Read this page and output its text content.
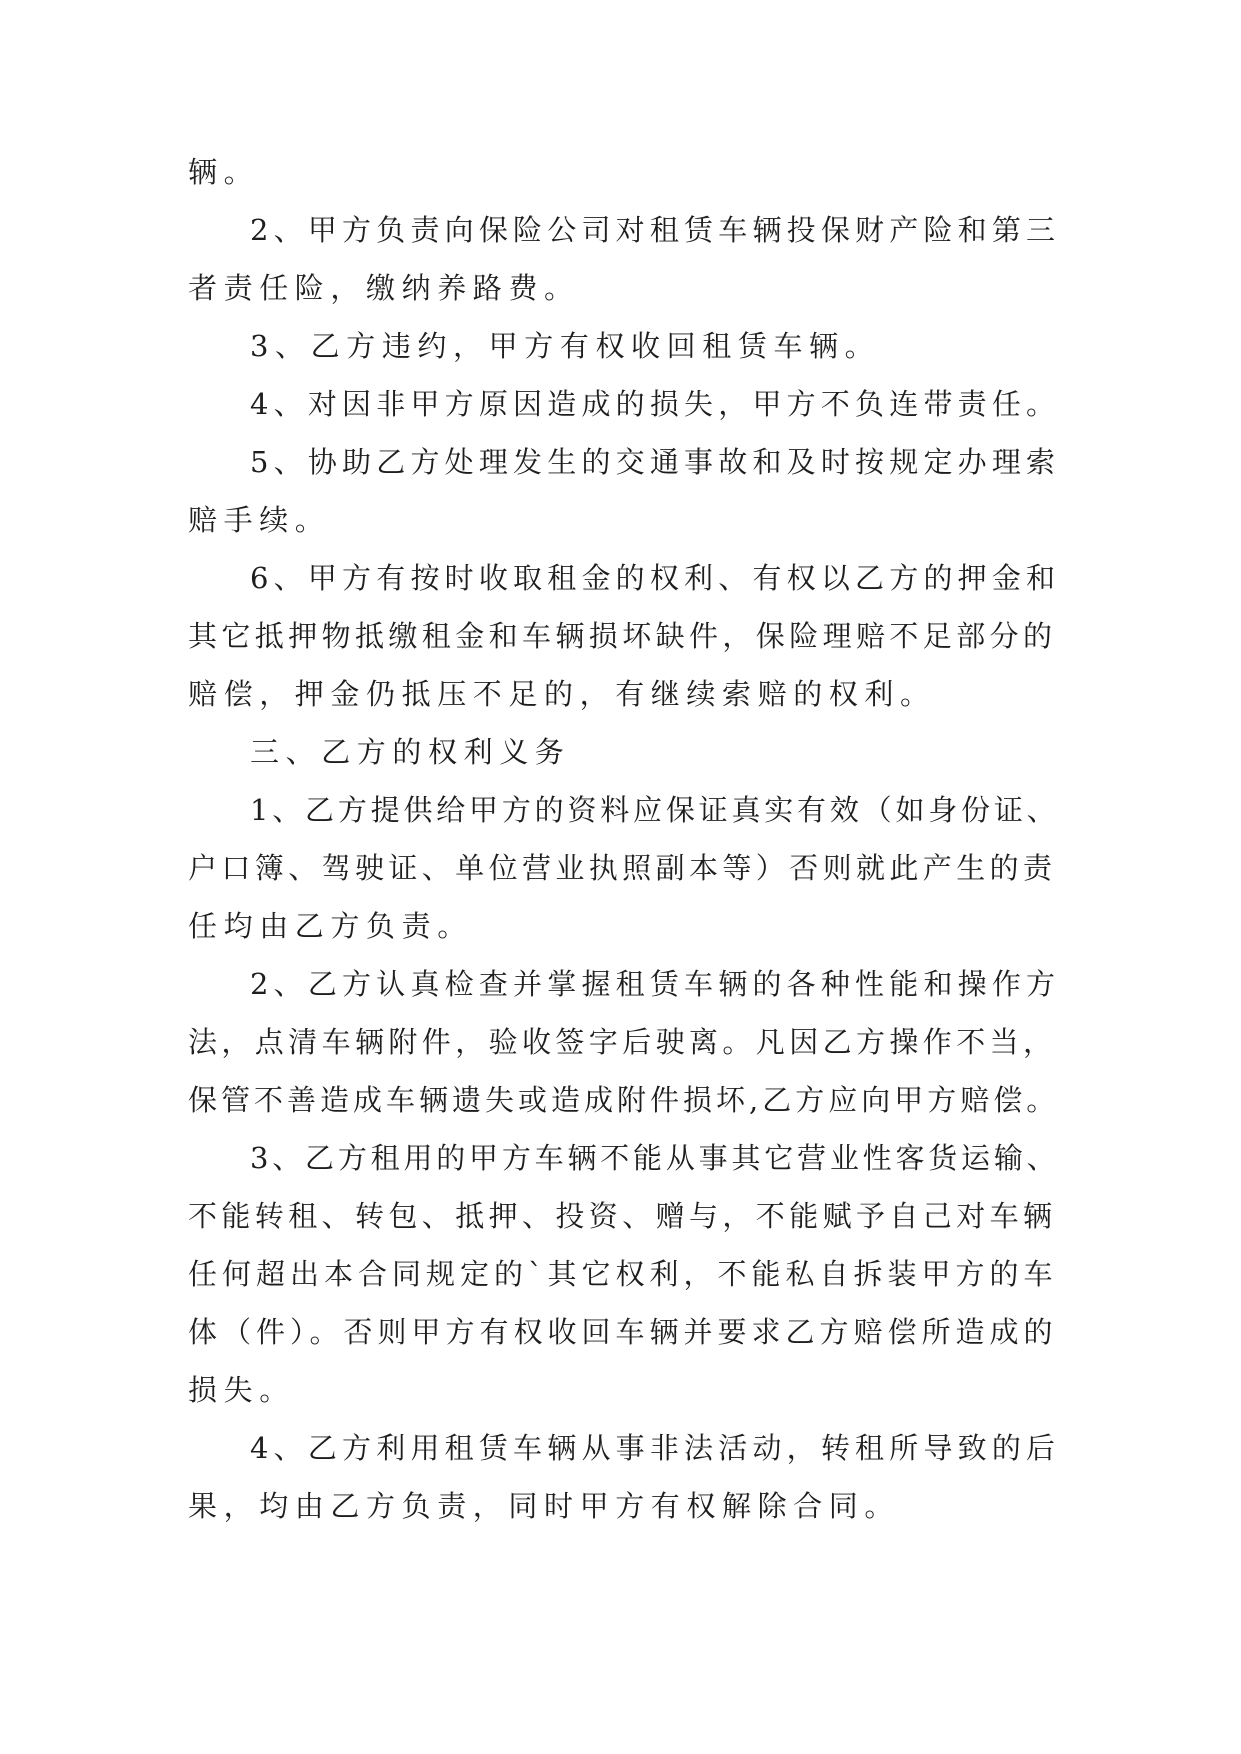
辆。
2、甲方负责向保险公司对租赁车辆投保财产险和第三
者责任险，缴纳养路费。
3、乙方违约，甲方有权收回租赁车辆。
4、对因非甲方原因造成的损失，甲方不负连带责任。
5、协助乙方处理发生的交通事故和及时按规定办理索
赔手续。
6、甲方有按时收取租金的权利、有权以乙方的押金和
其它抵押物抵缴租金和车辆损坏缺件，保险理赔不足部分的
赔偿，押金仍抵压不足的，有继续索赔的权利。
三、乙方的权利义务
1、乙方提供给甲方的资料应保证真实有效（如身份证、
户口簿、驾驶证、单位营业执照副本等）否则就此产生的责
任均由乙方负责。
2、乙方认真检查并掌握租赁车辆的各种性能和操作方
法，点清车辆附件，验收签字后驶离。凡因乙方操作不当，
保管不善造成车辆遗失或造成附件损坏,乙方应向甲方赔偿。
3、乙方租用的甲方车辆不能从事其它营业性客货运输、
不能转租、转包、抵押、投资、赠与，不能赋予自己对车辆
任何超出本合同规定的`其它权利，不能私自拆装甲方的车
体（件）。否则甲方有权收回车辆并要求乙方赔偿所造成的
损失。
4、乙方利用租赁车辆从事非法活动，转租所导致的后
果，均由乙方负责，同时甲方有权解除合同。
